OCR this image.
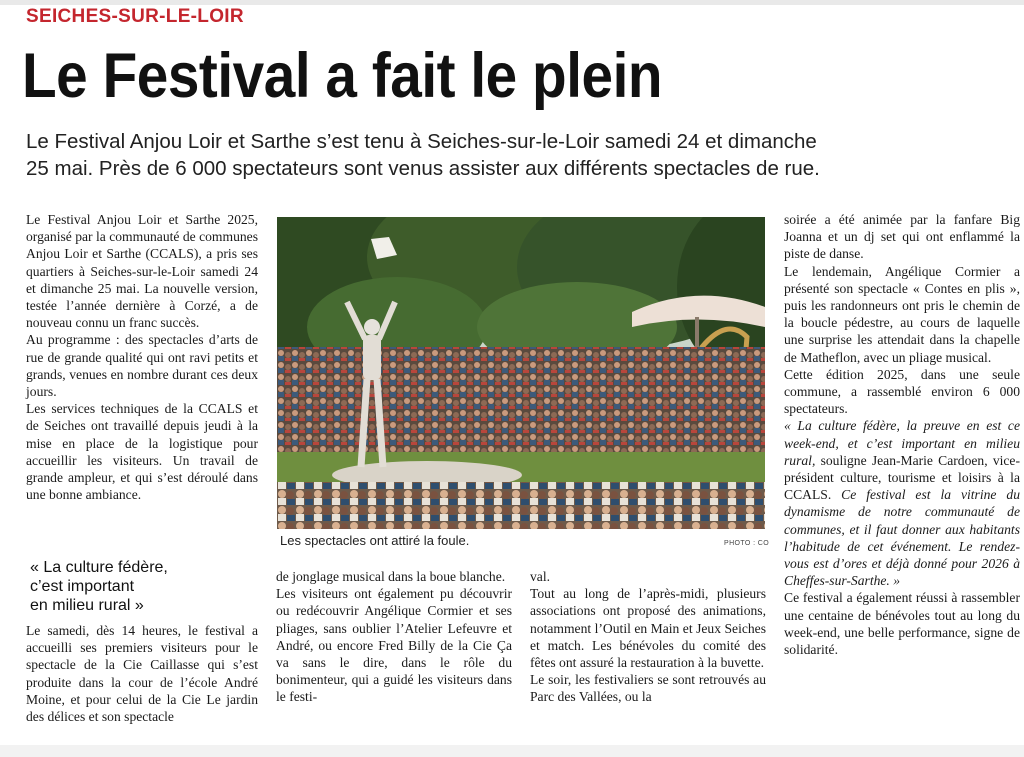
SEICHES-SUR-LE-LOIR
Le Festival a fait le plein

Le Festival Anjou Loir et Sarthe s’est tenu à Seiches-sur-le-Loir samedi 24 et dimanche

25 mai. Près de 6 000 spectateurs sont venus assister aux différents spectacles de rue.

Le Festival Anjou Loir et Sarthe 2025, organisé par la communauté de communes Anjou Loir et Sarthe (CCALS), a pris ses quartiers à Seiches-sur-le-Loir samedi 24 et dimanche 25 mai. La nouvelle version, testée l’année dernière à Corzé, a de nouveau connu un franc succès.

Au programme : des spectacles d’arts de rue de grande qualité qui ont ravi petits et grands, venues en nombre durant ces deux jours.

Les services techniques de la CCALS et de Seiches ont travaillé depuis jeudi à la mise en place de la logistique pour accueillir les visiteurs. Un travail de grande ampleur, et qui s’est déroulé dans une bonne ambiance.

« La culture fédère,
c’est important
en milieu rural »

Le samedi, dès 14 heures, le festival a accueilli ses premiers visiteurs pour le spectacle de la Cie Caillasse qui s’est produite dans la cour de l’école André Moine, et pour celui de la Cie Le jardin des délices et son spectacle

Les spectacles ont attiré la foule.	PHOTO : CO

de jonglage musical dans la boue blanche.

Les visiteurs ont également pu découvrir ou redécouvrir Angélique Cormier et ses pliages, sans oublier l’Atelier Lefeuvre et André, ou encore Fred Billy de la Cie Ça va sans le dire, dans le rôle du bonimenteur, qui a guidé les visiteurs dans le festi-

val.

Tout au long de l’après-midi, plusieurs associations ont proposé des animations, notamment l’Outil en Main et Jeux Seiches et match. Les bénévoles du comité des fêtes ont assuré la restauration à la buvette.

Le soir, les festivaliers se sont retrouvés au Parc des Vallées, ou la

soirée a été animée par la fanfare Big Joanna et un dj set qui ont enflammé la piste de danse.

Le lendemain, Angélique Cormier a présenté son spectacle « Contes en plis », puis les randonneurs ont pris le chemin de la boucle pédestre, au cours de laquelle une surprise les attendait dans la chapelle de Matheflon, avec un pliage musical.

Cette édition 2025, dans une seule commune, a rassemblé environ 6 000 spectateurs.

« La culture fédère, la preuve en est ce week-end, et c’est important en milieu rural, souligne Jean-Marie Cardoen, vice-président culture, tourisme et loisirs à la CCALS. Ce festival est la vitrine du dynamisme de notre communauté de communes, et il faut donner aux habitants l’habitude de cet événement. Le rendez-vous est d’ores et déjà donné pour 2026 à Cheffes-sur-Sarthe. »

Ce festival a également réussi à rassembler une centaine de bénévoles tout au long du week-end, une belle performance, signe de solidarité.
